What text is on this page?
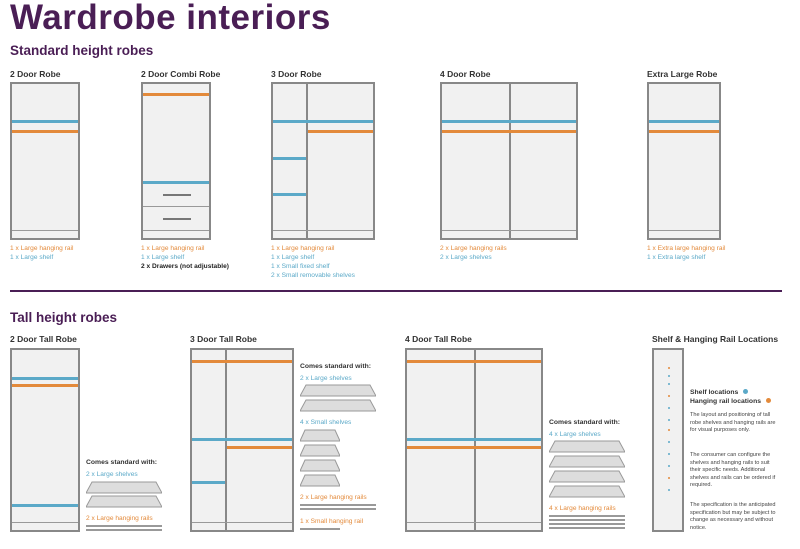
Wardrobe interiors
Standard height robes
2 Door Robe	2 Door Combi Robe	3 Door Robe	4 Door Robe	Extra Large Robe
1 x Large hanging rail
1 x Large shelf
1 x Large hanging rail
1 x Large shelf
2 x Drawers (not adjustable)
1 x Large hanging rail
1 x Large shelf
1 x Small fixed shelf
2 x Small removable shelves
2 x Large hanging rails
2 x Large shelves
1 x Extra large hanging rail
1 x Extra large shelf
Tall height robes
2 Door Tall Robe	3 Door Tall Robe	4 Door Tall Robe	Shelf & Hanging Rail Locations
Comes standard with:
2 x Large shelves
2 x Large hanging rails
Comes standard with:
2 x Large shelves
4 x Small shelves
2 x Large hanging rails
1 x Small hanging rail
Comes standard with:
4 x Large shelves
4 x Large hanging rails
Shelf locations
Hanging rail locations
The layout and positioning of tall robe shelves and hanging rails are for visual purposes only.
The consumer can configure the shelves and hanging rails to suit their specific needs. Additional shelves and rails can be ordered if required.
The specification is the anticipated specification but may be subject to change as necessary and without notice.
